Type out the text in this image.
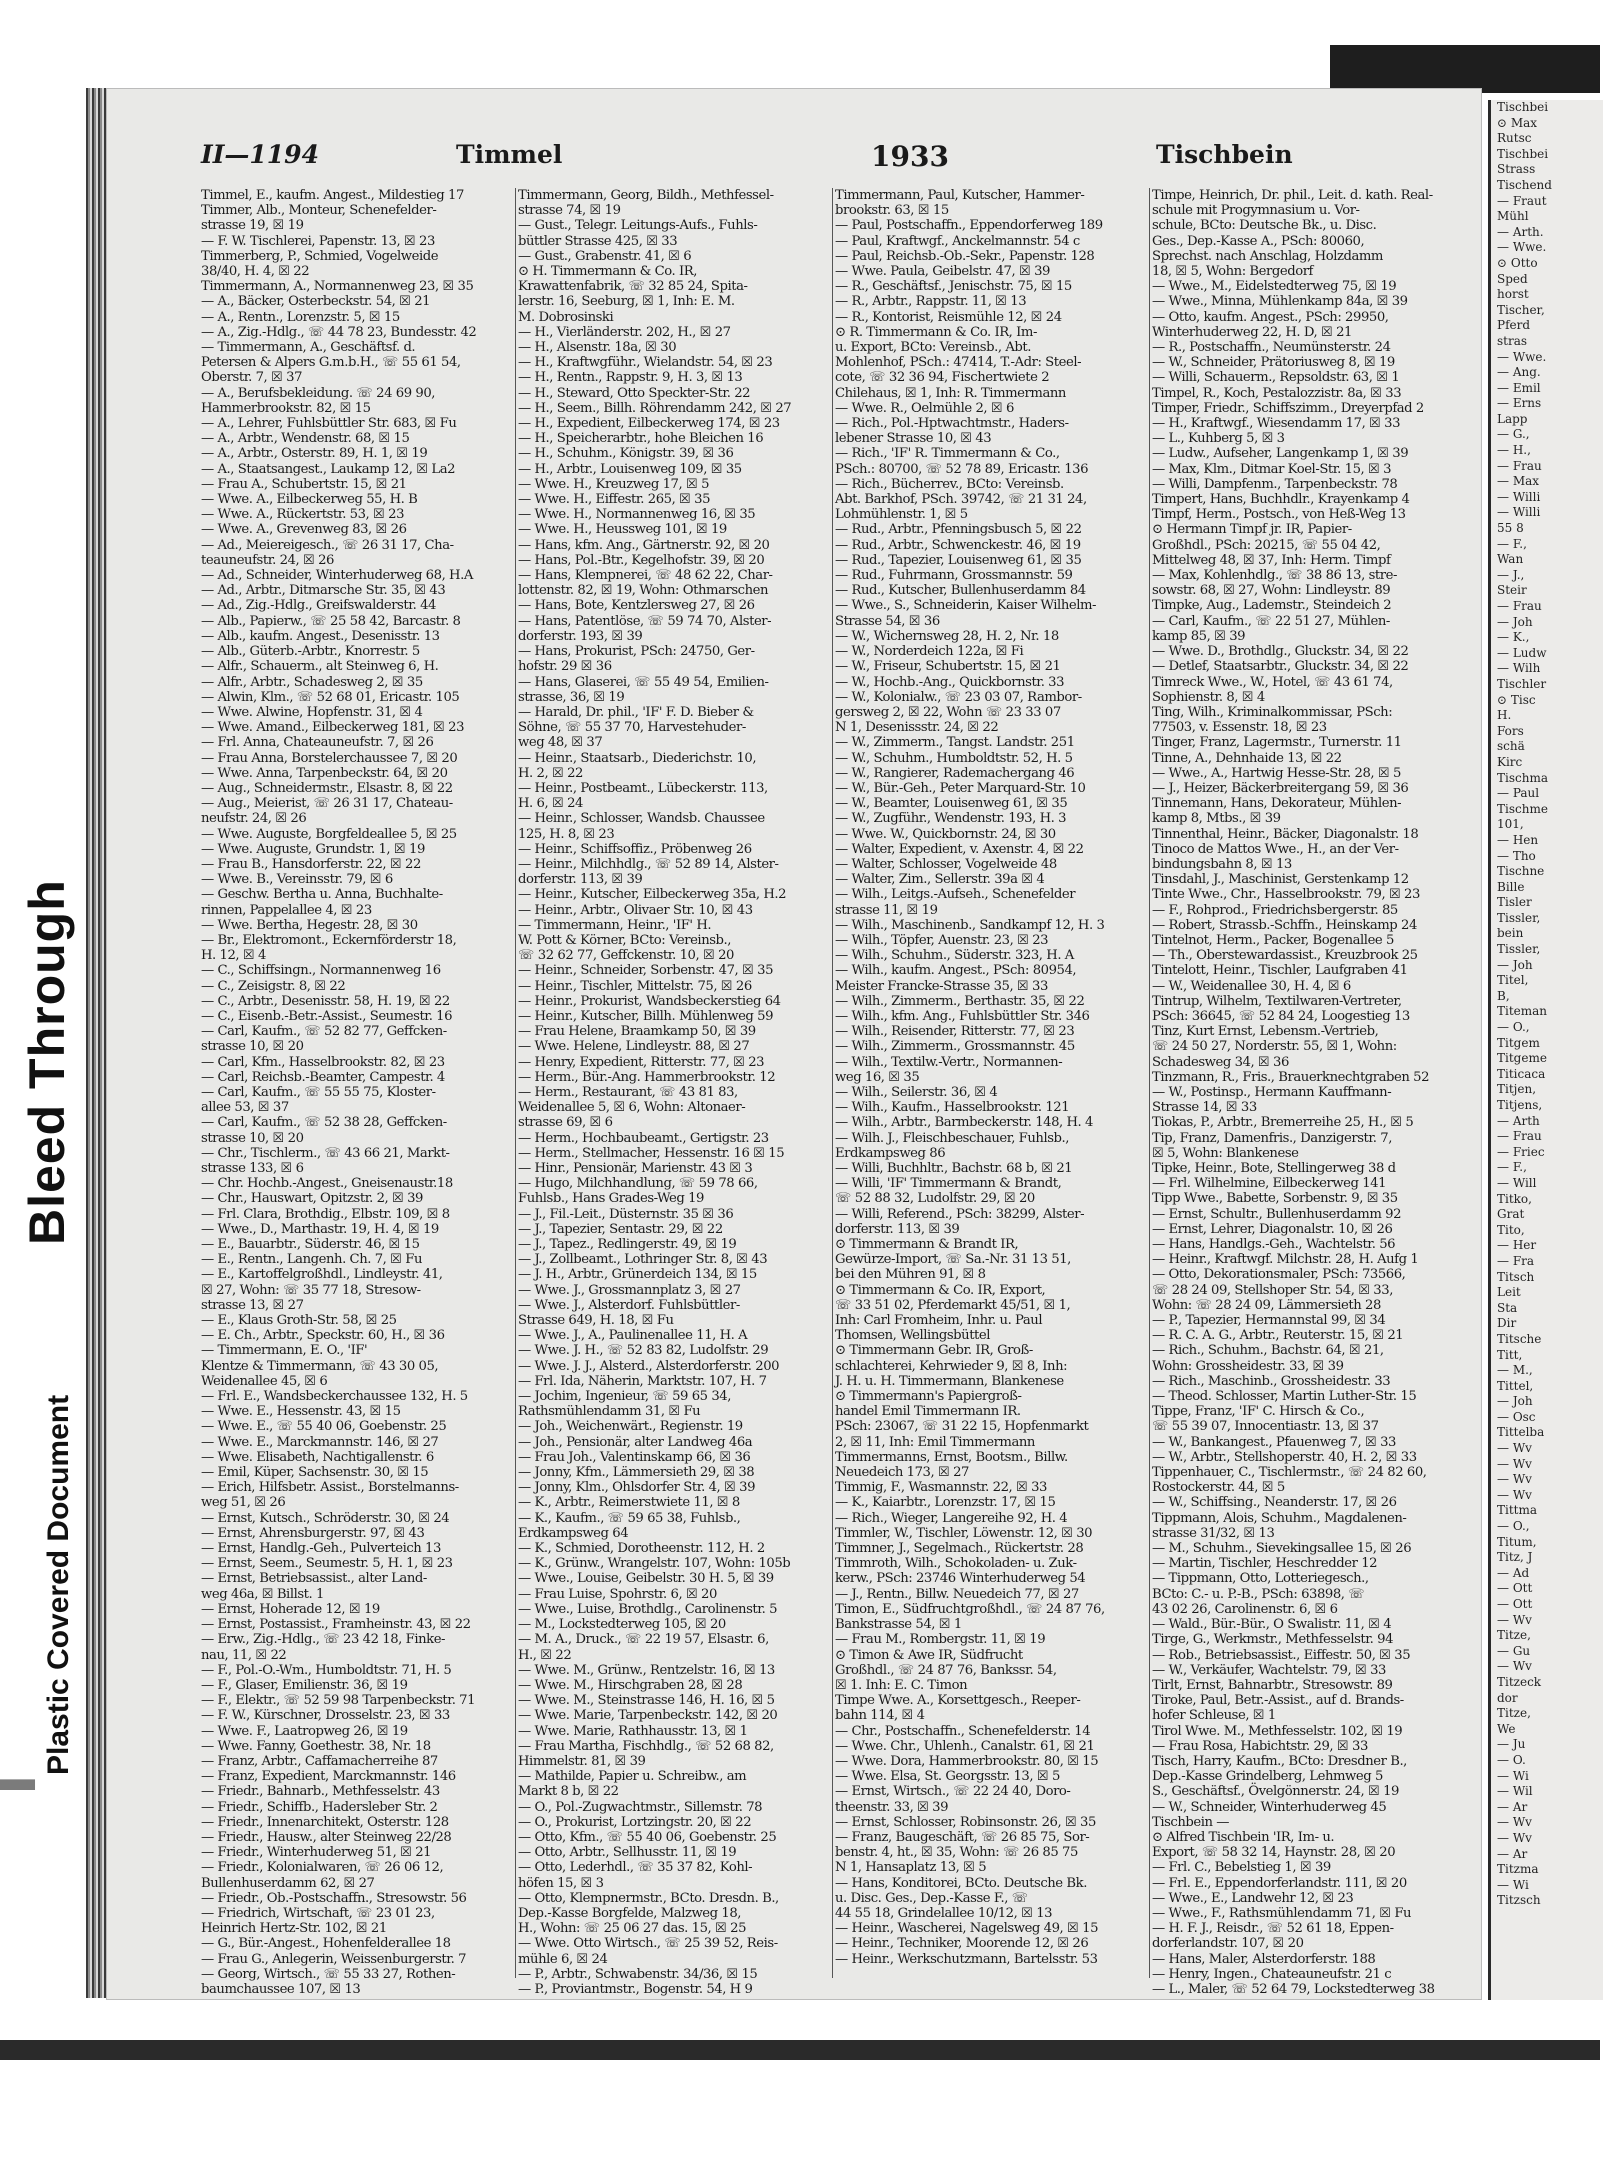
▌
Bleed Through
Plastic Covered Document
II—1194	Timmel	1933	Tischbein
Timmel, E., kaufm. Angest., Mildestieg 17
Timmer, Alb., Monteur, Schenefelder-
strasse 19, ☒ 19
— F. W. Tischlerei, Papenstr. 13, ☒ 23
Timmerberg, P., Schmied, Vogelweide
38/40, H. 4, ☒ 22
Timmermann, A., Normannenweg 23, ☒ 35
— A., Bäcker, Osterbeckstr. 54, ☒ 21
— A., Rentn., Lorenzstr. 5, ☒ 15
— A., Zig.-Hdlg., ☏ 44 78 23, Bundesstr. 42
— Timmermann, A., Geschäftsf. d.
Petersen & Alpers G.m.b.H., ☏ 55 61 54,
Oberstr. 7, ☒ 37
— A., Berufsbekleidung. ☏ 24 69 90,
Hammerbrookstr. 82, ☒ 15
— A., Lehrer, Fuhlsbüttler Str. 683, ☒ Fu
— A., Arbtr., Wendenstr. 68, ☒ 15
— A., Arbtr., Osterstr. 89, H. 1, ☒ 19
— A., Staatsangest., Laukamp 12, ☒ La2
— Frau A., Schubertstr. 15, ☒ 21
— Wwe. A., Eilbeckerweg 55, H. B
— Wwe. A., Rückertstr. 53, ☒ 23
— Wwe. A., Grevenweg 83, ☒ 26
— Ad., Meiereigesch., ☏ 26 31 17, Cha-
teauneufstr. 24, ☒ 26
— Ad., Schneider, Winterhuderweg 68, H.A
— Ad., Arbtr., Ditmarsche Str. 35, ☒ 43
— Ad., Zig.-Hdlg., Greifswalderstr. 44
— Alb., Papierw., ☏ 25 58 42, Barcastr. 8
— Alb., kaufm. Angest., Desenisstr. 13
— Alb., Güterb.-Arbtr., Knorrestr. 5
— Alfr., Schauerm., alt Steinweg 6, H.
— Alfr., Arbtr., Schadesweg 2, ☒ 35
— Alwin, Klm., ☏ 52 68 01, Ericastr. 105
— Wwe. Alwine, Hopfenstr. 31, ☒ 4
— Wwe. Amand., Eilbeckerweg 181, ☒ 23
— Frl. Anna, Chateauneufstr. 7, ☒ 26
— Frau Anna, Borstelerchaussee 7, ☒ 20
— Wwe. Anna, Tarpenbeckstr. 64, ☒ 20
— Aug., Schneidermstr., Elsastr. 8, ☒ 22
— Aug., Meierist, ☏ 26 31 17, Chateau-
neufstr. 24, ☒ 26
— Wwe. Auguste, Borgfeldeallee 5, ☒ 25
— Wwe. Auguste, Grundstr. 1, ☒ 19
— Frau B., Hansdorferstr. 22, ☒ 22
— Wwe. B., Vereinsstr. 79, ☒ 6
— Geschw. Bertha u. Anna, Buchhalte-
rinnen, Pappelallee 4, ☒ 23
— Wwe. Bertha, Hegestr. 28, ☒ 30
— Br., Elektromont., Eckernförderstr 18,
H. 12, ☒ 4
— C., Schiffsingn., Normannenweg 16
— C., Zeisigstr. 8, ☒ 22
— C., Arbtr., Desenisstr. 58, H. 19, ☒ 22
— C., Eisenb.-Betr.-Assist., Seumestr. 16
— Carl, Kaufm., ☏ 52 82 77, Geffcken-
strasse 10, ☒ 20
— Carl, Kfm., Hasselbrookstr. 82, ☒ 23
— Carl, Reichsb.-Beamter, Campestr. 4
— Carl, Kaufm., ☏ 55 55 75, Kloster-
allee 53, ☒ 37
— Carl, Kaufm., ☏ 52 38 28, Geffcken-
strasse 10, ☒ 20
— Chr., Tischlerm., ☏ 43 66 21, Markt-
strasse 133, ☒ 6
— Chr. Hochb.-Angest., Gneisenaustr.18
— Chr., Hauswart, Opitzstr. 2, ☒ 39
— Frl. Clara, Brothdig., Elbstr. 109, ☒ 8
— Wwe., D., Marthastr. 19, H. 4, ☒ 19
— E., Bauarbtr., Süderstr. 46, ☒ 15
— E., Rentn., Langenh. Ch. 7, ☒ Fu
— E., Kartoffelgroßhdl., Lindleystr. 41,
☒ 27, Wohn: ☏ 35 77 18, Stresow-
strasse 13, ☒ 27
— E., Klaus Groth-Str. 58, ☒ 25
— E. Ch., Arbtr., Speckstr. 60, H., ☒ 36
— Timmermann, E. O., 'IF'
Klentze & Timmermann, ☏ 43 30 05,
Weidenallee 45, ☒ 6
— Frl. E., Wandsbeckerchaussee 132, H. 5
— Wwe. E., Hessenstr. 43, ☒ 15
— Wwe. E., ☏ 55 40 06, Goebenstr. 25
— Wwe. E., Marckmannstr. 146, ☒ 27
— Wwe. Elisabeth, Nachtigallenstr. 6
— Emil, Küper, Sachsenstr. 30, ☒ 15
— Erich, Hilfsbetr. Assist., Borstelmanns-
weg 51, ☒ 26
— Ernst, Kutsch., Schröderstr. 30, ☒ 24
— Ernst, Ahrensburgerstr. 97, ☒ 43
— Ernst, Handlg.-Geh., Pulverteich 13
— Ernst, Seem., Seumestr. 5, H. 1, ☒ 23
— Ernst, Betriebsassist., alter Land-
weg 46a, ☒ Billst. 1
— Ernst, Hoherade 12, ☒ 19
— Ernst, Postassist., Framheinstr. 43, ☒ 22
— Erw., Zig.-Hdlg., ☏ 23 42 18, Finke-
nau, 11, ☒ 22
— F., Pol.-O.-Wm., Humboldtstr. 71, H. 5
— F., Glaser, Emilienstr. 36, ☒ 19
— F., Elektr., ☏ 52 59 98 Tarpenbeckstr. 71
— F. W., Kürschner, Drosselstr. 23, ☒ 33
— Wwe. F., Laatropweg 26, ☒ 19
— Wwe. Fanny, Goethestr. 38, Nr. 18
— Franz, Arbtr., Caffamacherreihe 87
— Franz, Expedient, Marckmannstr. 146
— Friedr., Bahnarb., Methfesselstr. 43
— Friedr., Schiffb., Hadersleber Str. 2
— Friedr., Innenarchitekt, Osterstr. 128
— Friedr., Hausw., alter Steinweg 22/28
— Friedr., Winterhuderweg 51, ☒ 21
— Friedr., Kolonialwaren, ☏ 26 06 12,
Bullenhuserdamm 62, ☒ 27
— Friedr., Ob.-Postschaffn., Stresowstr. 56
— Friedrich, Wirtschaft, ☏ 23 01 23,
Heinrich Hertz-Str. 102, ☒ 21
— G., Bür.-Angest., Hohenfelderallee 18
— Frau G., Anlegerin, Weissenburgerstr. 7
— Georg, Wirtsch., ☏ 55 33 27, Rothen-
baumchaussee 107, ☒ 13
Timmermann, Georg, Bildh., Methfessel-
strasse 74, ☒ 19
— Gust., Telegr. Leitungs-Aufs., Fuhls-
büttler Strasse 425, ☒ 33
— Gust., Grabenstr. 41, ☒ 6
⊙ H. Timmermann & Co. IR,
Krawattenfabrik, ☏ 32 85 24, Spita-
lerstr. 16, Seeburg, ☒ 1, Inh: E. M.
M. Dobrosinski
— H., Vierländerstr. 202, H., ☒ 27
— H., Alsenstr. 18a, ☒ 30
— H., Kraftwgführ., Wielandstr. 54, ☒ 23
— H., Rentn., Rappstr. 9, H. 3, ☒ 13
— H., Steward, Otto Speckter-Str. 22
— H., Seem., Billh. Röhrendamm 242, ☒ 27
— H., Expedient, Eilbeckerweg 174, ☒ 23
— H., Speicherarbtr., hohe Bleichen 16
— H., Schuhm., Königstr. 39, ☒ 36
— H., Arbtr., Louisenweg 109, ☒ 35
— Wwe. H., Kreuzweg 17, ☒ 5
— Wwe. H., Eiffestr. 265, ☒ 35
— Wwe. H., Normannenweg 16, ☒ 35
— Wwe. H., Heussweg 101, ☒ 19
— Hans, kfm. Ang., Gärtnerstr. 92, ☒ 20
— Hans, Pol.-Btr., Kegelhofstr. 39, ☒ 20
— Hans, Klempnerei, ☏ 48 62 22, Char-
lottenstr. 82, ☒ 19, Wohn: Othmarschen
— Hans, Bote, Kentzlersweg 27, ☒ 26
— Hans, Patentlöse, ☏ 59 74 70, Alster-
dorferstr. 193, ☒ 39
— Hans, Prokurist, PSch: 24750, Ger-
hofstr. 29 ☒ 36
— Hans, Glaserei, ☏ 55 49 54, Emilien-
strasse, 36, ☒ 19
— Harald, Dr. phil., 'IF' F. D. Bieber &
Söhne, ☏ 55 37 70, Harvestehuder-
weg 48, ☒ 37
— Heinr., Staatsarb., Diederichstr. 10,
H. 2, ☒ 22
— Heinr., Postbeamt., Lübeckerstr. 113,
H. 6, ☒ 24
— Heinr., Schlosser, Wandsb. Chaussee
125, H. 8, ☒ 23
— Heinr., Schiffsoffiz., Pröbenweg 26
— Heinr., Milchhdlg., ☏ 52 89 14, Alster-
dorferstr. 113, ☒ 39
— Heinr., Kutscher, Eilbeckerweg 35a, H.2
— Heinr., Arbtr., Olivaer Str. 10, ☒ 43
— Timmermann, Heinr., 'IF' H.
W. Pott & Körner, BCto: Vereinsb.,
☏ 32 62 77, Geffckenstr. 10, ☒ 20
— Heinr., Schneider, Sorbenstr. 47, ☒ 35
— Heinr., Tischler, Mittelstr. 75, ☒ 26
— Heinr., Prokurist, Wandsbeckerstieg 64
— Heinr., Kutscher, Billh. Mühlenweg 59
— Frau Helene, Braamkamp 50, ☒ 39
— Wwe. Helene, Lindleystr. 88, ☒ 27
— Henry, Expedient, Ritterstr. 77, ☒ 23
— Herm., Bür.-Ang. Hammerbrookstr. 12
— Herm., Restaurant, ☏ 43 81 83,
Weidenallee 5, ☒ 6, Wohn: Altonaer-
strasse 69, ☒ 6
— Herm., Hochbaubeamt., Gertigstr. 23
— Herm., Stellmacher, Hessenstr. 16 ☒ 15
— Hinr., Pensionär, Marienstr. 43 ☒ 3
— Hugo, Milchhandlung, ☏ 59 78 66,
Fuhlsb., Hans Grades-Weg 19
— J., Fil.-Leit., Düsternstr. 35 ☒ 36
— J., Tapezier, Sentastr. 29, ☒ 22
— J., Tapez., Redlingerstr. 49, ☒ 19
— J., Zollbeamt., Lothringer Str. 8, ☒ 43
— J. H., Arbtr., Grünerdeich 134, ☒ 15
— Wwe. J., Grossmannplatz 3, ☒ 27
— Wwe. J., Alsterdorf. Fuhlsbüttler-
Strasse 649, H. 18, ☒ Fu
— Wwe. J., A., Paulinenallee 11, H. A
— Wwe. J. H., ☏ 52 83 82, Ludolfstr. 29
— Wwe. J. J., Alsterd., Alsterdorferstr. 200
— Frl. Ida, Näherin, Marktstr. 107, H. 7
— Jochim, Ingenieur, ☏ 59 65 34,
Rathsmühlendamm 31, ☒ Fu
— Joh., Weichenwärt., Regienstr. 19
— Joh., Pensionär, alter Landweg 46a
— Frau Joh., Valentinskamp 66, ☒ 36
— Jonny, Kfm., Lämmersieth 29, ☒ 38
— Jonny, Klm., Ohlsdorfer Str. 4, ☒ 39
— K., Arbtr., Reimerstwiete 11, ☒ 8
— K., Kaufm., ☏ 59 65 38, Fuhlsb.,
Erdkampsweg 64
— K., Schmied, Dorotheenstr. 112, H. 2
— K., Grünw., Wrangelstr. 107, Wohn: 105b
— Wwe., Louise, Geibelstr. 30 H. 5, ☒ 39
— Frau Luise, Spohrstr. 6, ☒ 20
— Wwe., Luise, Brothdlg., Carolinenstr. 5
— M., Lockstedterweg 105, ☒ 20
— M. A., Druck., ☏ 22 19 57, Elsastr. 6,
H., ☒ 22
— Wwe. M., Grünw., Rentzelstr. 16, ☒ 13
— Wwe. M., Hirschgraben 28, ☒ 28
— Wwe. M., Steinstrasse 146, H. 16, ☒ 5
— Wwe. Marie, Tarpenbeckstr. 142, ☒ 20
— Wwe. Marie, Rathhausstr. 13, ☒ 1
— Frau Martha, Fischhdlg., ☏ 52 68 82,
Himmelstr. 81, ☒ 39
— Mathilde, Papier u. Schreibw., am
Markt 8 b, ☒ 22
— O., Pol.-Zugwachtmstr., Sillemstr. 78
— O., Prokurist, Lortzingstr. 20, ☒ 22
— Otto, Kfm., ☏ 55 40 06, Goebenstr. 25
— Otto, Arbtr., Sellhusstr. 11, ☒ 19
— Otto, Lederhdl., ☏ 35 37 82, Kohl-
höfen 15, ☒ 3
— Otto, Klempnermstr., BCto. Dresdn. B.,
Dep.-Kasse Borgfelde, Malzweg 18,
H., Wohn: ☏ 25 06 27 das. 15, ☒ 25
— Wwe. Otto Wirtsch., ☏ 25 39 52, Reis-
mühle 6, ☒ 24
— P., Arbtr., Schwabenstr. 34/36, ☒ 15
— P., Proviantmstr., Bogenstr. 54, H 9
Timmermann, Paul, Kutscher, Hammer-
brookstr. 63, ☒ 15
— Paul, Postschaffn., Eppendorferweg 189
— Paul, Kraftwgf., Anckelmannstr. 54 c
— Paul, Reichsb.-Ob.-Sekr., Papenstr. 128
— Wwe. Paula, Geibelstr. 47, ☒ 39
— R., Geschäftsf., Jenischstr. 75, ☒ 15
— R., Arbtr., Rappstr. 11, ☒ 13
— R., Kontorist, Reismühle 12, ☒ 24
⊙ R. Timmermann & Co. IR, Im-
u. Export, BCto: Vereinsb., Abt.
Mohlenhof, PSch.: 47414, T.-Adr: Steel-
cote, ☏ 32 36 94, Fischertwiete 2
Chilehaus, ☒ 1, Inh: R. Timmermann
— Wwe. R., Oelmühle 2, ☒ 6
— Rich., Pol.-Hptwachtmstr., Haders-
lebener Strasse 10, ☒ 43
— Rich., 'IF' R. Timmermann & Co.,
PSch.: 80700, ☏ 52 78 89, Ericastr. 136
— Rich., Bücherrev., BCto: Vereinsb.
Abt. Barkhof, PSch. 39742, ☏ 21 31 24,
Lohmühlenstr. 1, ☒ 5
— Rud., Arbtr., Pfenningsbusch 5, ☒ 22
— Rud., Arbtr., Schwenckestr. 46, ☒ 19
— Rud., Tapezier, Louisenweg 61, ☒ 35
— Rud., Fuhrmann, Grossmannstr. 59
— Rud., Kutscher, Bullenhuserdamm 84
— Wwe., S., Schneiderin, Kaiser Wilhelm-
Strasse 54, ☒ 36
— W., Wichernsweg 28, H. 2, Nr. 18
— W., Norderdeich 122a, ☒ Fi
— W., Friseur, Schubertstr. 15, ☒ 21
— W., Hochb.-Ang., Quickbornstr. 33
— W., Kolonialw., ☏ 23 03 07, Rambor-
gersweg 2, ☒ 22, Wohn ☏ 23 33 07
N 1, Desenissstr. 24, ☒ 22
— W., Zimmerm., Tangst. Landstr. 251
— W., Schuhm., Humboldtstr. 52, H. 5
— W., Rangierer, Rademachergang 46
— W., Bür.-Geh., Peter Marquard-Str. 10
— W., Beamter, Louisenweg 61, ☒ 35
— W., Zugführ., Wendenstr. 193, H. 3
— Wwe. W., Quickbornstr. 24, ☒ 30
— Walter, Expedient, v. Axenstr. 4, ☒ 22
— Walter, Schlosser, Vogelweide 48
— Walter, Zim., Sellerstr. 39a ☒ 4
— Wilh., Leitgs.-Aufseh., Schenefelder
strasse 11, ☒ 19
— Wilh., Maschinenb., Sandkampf 12, H. 3
— Wilh., Töpfer, Auenstr. 23, ☒ 23
— Wilh., Schuhm., Süderstr. 323, H. A
— Wilh., kaufm. Angest., PSch: 80954,
Meister Francke-Strasse 35, ☒ 33
— Wilh., Zimmerm., Berthastr. 35, ☒ 22
— Wilh., kfm. Ang., Fuhlsbüttler Str. 346
— Wilh., Reisender, Ritterstr. 77, ☒ 23
— Wilh., Zimmerm., Grossmannstr. 45
— Wilh., Textilw.-Vertr., Normannen-
weg 16, ☒ 35
— Wilh., Seilerstr. 36, ☒ 4
— Wilh., Kaufm., Hasselbrookstr. 121
— Wilh., Arbtr., Barmbeckerstr. 148, H. 4
— Wilh. J., Fleischbeschauer, Fuhlsb.,
Erdkampsweg 86
— Willi, Buchhltr., Bachstr. 68 b, ☒ 21
— Willi, 'IF' Timmermann & Brandt,
☏ 52 88 32, Ludolfstr. 29, ☒ 20
— Willi, Referend., PSch: 38299, Alster-
dorferstr. 113, ☒ 39
⊙ Timmermann & Brandt IR,
Gewürze-Import, ☏ Sa.-Nr. 31 13 51,
bei den Mühren 91, ☒ 8
⊙ Timmermann & Co. IR, Export,
☏ 33 51 02, Pferdemarkt 45/51, ☒ 1,
Inh: Carl Fromheim, Inhr. u. Paul
Thomsen, Wellingsbüttel
⊙ Timmermann Gebr. IR, Groß-
schlachterei, Kehrwieder 9, ☒ 8, Inh:
J. H. u. H. Timmermann, Blankenese
⊙ Timmermann's Papiergroß-
handel Emil Timmermann IR.
PSch: 23067, ☏ 31 22 15, Hopfenmarkt
2, ☒ 11, Inh: Emil Timmermann
Timmermanns, Ernst, Bootsm., Billw.
Neuedeich 173, ☒ 27
Timmig, F., Wasmannstr. 22, ☒ 33
— K., Kaiarbtr., Lorenzstr. 17, ☒ 15
— Rich., Wieger, Langereihe 92, H. 4
Timmler, W., Tischler, Löwenstr. 12, ☒ 30
Timmner, J., Segelmach., Rückertstr. 28
Timmroth, Wilh., Schokoladen- u. Zuk-
kerw., PSch: 23746 Winterhuderweg 54
— J., Rentn., Billw. Neuedeich 77, ☒ 27
Timon, E., Südfruchtgroßhdl., ☏ 24 87 76,
Bankstrasse 54, ☒ 1
— Frau M., Rombergstr. 11, ☒ 19
⊙ Timon & Awe IR, Südfrucht
Großhdl., ☏ 24 87 76, Bankssr. 54,
☒ 1. Inh: E. C. Timon
Timpe Wwe. A., Korsettgesch., Reeper-
bahn 114, ☒ 4
— Chr., Postschaffn., Schenefelderstr. 14
— Wwe. Chr., Uhlenh., Canalstr. 61, ☒ 21
— Wwe. Dora, Hammerbrookstr. 80, ☒ 15
— Wwe. Elsa, St. Georgsstr. 13, ☒ 5
— Ernst, Wirtsch., ☏ 22 24 40, Doro-
theenstr. 33, ☒ 39
— Ernst, Schlosser, Robinsonstr. 26, ☒ 35
— Franz, Baugeschäft, ☏ 26 85 75, Sor-
benstr. 4, ht., ☒ 35, Wohn: ☏ 26 85 75
N 1, Hansaplatz 13, ☒ 5
— Hans, Konditorei, BCto. Deutsche Bk.
u. Disc. Ges., Dep.-Kasse F., ☏
44 55 18, Grindelallee 10/12, ☒ 13
— Heinr., Wascherei, Nagelsweg 49, ☒ 15
— Heinr., Techniker, Moorende 12, ☒ 26
— Heinr., Werkschutzmann, Bartelsstr. 53
Timpe, Heinrich, Dr. phil., Leit. d. kath. Real-
schule mit Progymnasium u. Vor-
schule, BCto: Deutsche Bk., u. Disc.
Ges., Dep.-Kasse A., PSch: 80060,
Sprechst. nach Anschlag, Holzdamm
18, ☒ 5, Wohn: Bergedorf
— Wwe., M., Eidelstedterweg 75, ☒ 19
— Wwe., Minna, Mühlenkamp 84a, ☒ 39
— Otto, kaufm. Angest., PSch: 29950,
Winterhuderweg 22, H. D, ☒ 21
— R., Postschaffn., Neumünsterstr. 24
— W., Schneider, Prätoriusweg 8, ☒ 19
— Willi, Schauerm., Repsoldstr. 63, ☒ 1
Timpel, R., Koch, Pestalozzistr. 8a, ☒ 33
Timper, Friedr., Schiffszimm., Dreyerpfad 2
— H., Kraftwgf., Wiesendamm 17, ☒ 33
— L., Kuhberg 5, ☒ 3
— Ludw., Aufseher, Langenkamp 1, ☒ 39
— Max, Klm., Ditmar Koel-Str. 15, ☒ 3
— Willi, Dampfenm., Tarpenbeckstr. 78
Timpert, Hans, Buchhdlr., Krayenkamp 4
Timpf, Herm., Postsch., von Heß-Weg 13
⊙ Hermann Timpf jr. IR, Papier-
Großhdl., PSch: 20215, ☏ 55 04 42,
Mittelweg 48, ☒ 37, Inh: Herm. Timpf
— Max, Kohlenhdlg., ☏ 38 86 13, stre-
sowstr. 68, ☒ 27, Wohn: Lindleystr. 89
Timpke, Aug., Lademstr., Steindeich 2
— Carl, Kaufm., ☏ 22 51 27, Mühlen-
kamp 85, ☒ 39
— Wwe. D., Brothdlg., Gluckstr. 34, ☒ 22
— Detlef, Staatsarbtr., Gluckstr. 34, ☒ 22
Timreck Wwe., W., Hotel, ☏ 43 61 74,
Sophienstr. 8, ☒ 4
Ting, Wilh., Kriminalkommissar, PSch:
77503, v. Essenstr. 18, ☒ 23
Tinger, Franz, Lagermstr., Turnerstr. 11
Tinne, A., Dehnhaide 13, ☒ 22
— Wwe., A., Hartwig Hesse-Str. 28, ☒ 5
— J., Heizer, Bäckerbreitergang 59, ☒ 36
Tinnemann, Hans, Dekorateur, Mühlen-
kamp 8, Mtbs., ☒ 39
Tinnenthal, Heinr., Bäcker, Diagonalstr. 18
Tinoco de Mattos Wwe., H., an der Ver-
bindungsbahn 8, ☒ 13
Tinsdahl, J., Maschinist, Gerstenkamp 12
Tinte Wwe., Chr., Hasselbrookstr. 79, ☒ 23
— F., Rohprod., Friedrichsbergerstr. 85
— Robert, Strassb.-Schffn., Heinskamp 24
Tintelnot, Herm., Packer, Bogenallee 5
— Th., Oberstewardassist., Kreuzbrook 25
Tintelott, Heinr., Tischler, Laufgraben 41
— W., Weidenallee 30, H. 4, ☒ 6
Tintrup, Wilhelm, Textilwaren-Vertreter,
PSch: 36645, ☏ 52 84 24, Loogestieg 13
Tinz, Kurt Ernst, Lebensm.-Vertrieb,
☏ 24 50 27, Norderstr. 55, ☒ 1, Wohn:
Schadesweg 34, ☒ 36
Tinzmann, R., Fris., Brauerknechtgraben 52
— W., Postinsp., Hermann Kauffmann-
Strasse 14, ☒ 33
Tiokas, P., Arbtr., Bremerreihe 25, H., ☒ 5
Tip, Franz, Damenfris., Danzigerstr. 7,
☒ 5, Wohn: Blankenese
Tipke, Heinr., Bote, Stellingerweg 38 d
— Frl. Wilhelmine, Eilbeckerweg 141
Tipp Wwe., Babette, Sorbenstr. 9, ☒ 35
— Ernst, Schultr., Bullenhuserdamm 92
— Ernst, Lehrer, Diagonalstr. 10, ☒ 26
— Hans, Handlgs.-Geh., Wachtelstr. 56
— Heinr., Kraftwgf. Milchstr. 28, H. Aufg 1
— Otto, Dekorationsmaler, PSch: 73566,
☏ 28 24 09, Stellshoper Str. 54, ☒ 33,
Wohn: ☏ 28 24 09, Lämmersieth 28
— P., Tapezier, Hermannstal 99, ☒ 34
— R. C. A. G., Arbtr., Reuterstr. 15, ☒ 21
— Rich., Schuhm., Bachstr. 64, ☒ 21,
Wohn: Grossheidestr. 33, ☒ 39
— Rich., Maschinb., Grossheidestr. 33
— Theod. Schlosser, Martin Luther-Str. 15
Tippe, Franz, 'IF' C. Hirsch & Co.,
☏ 55 39 07, Innocentiastr. 13, ☒ 37
— W., Bankangest., Pfauenweg 7, ☒ 33
— W., Arbtr., Stellshoperstr. 40, H. 2, ☒ 33
Tippenhauer, C., Tischlermstr., ☏ 24 82 60,
Rostockerstr. 44, ☒ 5
— W., Schiffsing., Neanderstr. 17, ☒ 26
Tippmann, Alois, Schuhm., Magdalenen-
strasse 31/32, ☒ 13
— M., Schuhm., Sievekingsallee 15, ☒ 26
— Martin, Tischler, Heschredder 12
— Tippmann, Otto, Lotteriegesch.,
BCto: C.- u. P.-B., PSch: 63898, ☏
43 02 26, Carolinenstr. 6, ☒ 6
— Wald., Bür.-Bür., O Swalistr. 11, ☒ 4
Tirge, G., Werkmstr., Methfesselstr. 94
— Rob., Betriebsassist., Eiffestr. 50, ☒ 35
— W., Verkäufer, Wachtelstr. 79, ☒ 33
Tirlt, Ernst, Bahnarbtr., Stresowstr. 89
Tiroke, Paul, Betr.-Assist., auf d. Brands-
hofer Schleuse, ☒ 1
Tirol Wwe. M., Methfesselstr. 102, ☒ 19
— Frau Rosa, Habichtstr. 29, ☒ 33
Tisch, Harry, Kaufm., BCto: Dresdner B.,
Dep.-Kasse Grindelberg, Lehmweg 5
S., Geschäftsf., Övelgönnerstr. 24, ☒ 19
— W., Schneider, Winterhuderweg 45
Tischbein —
⊙ Alfred Tischbein 'IR, Im- u.
Export, ☏ 58 32 14, Haynstr. 28, ☒ 20
— Frl. C., Bebelstieg 1, ☒ 39
— Frl. E., Eppendorferlandstr. 111, ☒ 20
— Wwe., E., Landwehr 12, ☒ 23
— Wwe., F., Rathsmühlendamm 71, ☒ Fu
— H. F. J., Reisdr., ☏ 52 61 18, Eppen-
dorferlandstr. 107, ☒ 20
— Hans, Maler, Alsterdorferstr. 188
— Henry, Ingen., Chateauneufstr. 21 c
— L., Maler, ☏ 52 64 79, Lockstedterweg 38
Tischbei
⊙ Max
Rutsc
Tischbei
Strass
Tischend
— Fraut
Mühl
— Arth.
— Wwe.
⊙ Otto
Sped
horst
Tischer,
Pferd
stras
— Wwe.
— Ang.
— Emil
— Erns
Lapp
— G.,
— H.,
— Frau
— Max
— Willi
— Willi
55 8
— F.,
Wan
— J.,
Steir
— Frau
— Joh
— K.,
— Ludw
— Wilh
Tischler
⊙ Tisc
H.
Fors
schä
Kirc
Tischma
— Paul
Tischme
101,
— Hen
— Tho
Tischne
Bille
Tisler
Tissler,
bein
Tissler,
— Joh
Titel,
B,
Titeman
— O.,
Titgem
Titgeme
Titicaca
Titjen,
Titjens,
— Arth
— Frau
— Friec
— F.,
— Will
Titko,
Grat
Tito,
— Her
— Fra
Titsch
Leit
Sta
Dir
Titsche
Titt,
— M.,
Tittel,
— Joh
— Osc
Tittelba
— Wv
— Wv
— Wv
— Wv
Tittma
— O.,
Titum,
Titz, J
— Ad
— Ott
— Ott
— Wv
Titze,
— Gu
— Wv
Titzeck
dor
Titze,
We
— Ju
— O.
— Wi
— Wil
— Ar
— Wv
— Wv
— Ar
Titzma
— Wi
Titzsch
